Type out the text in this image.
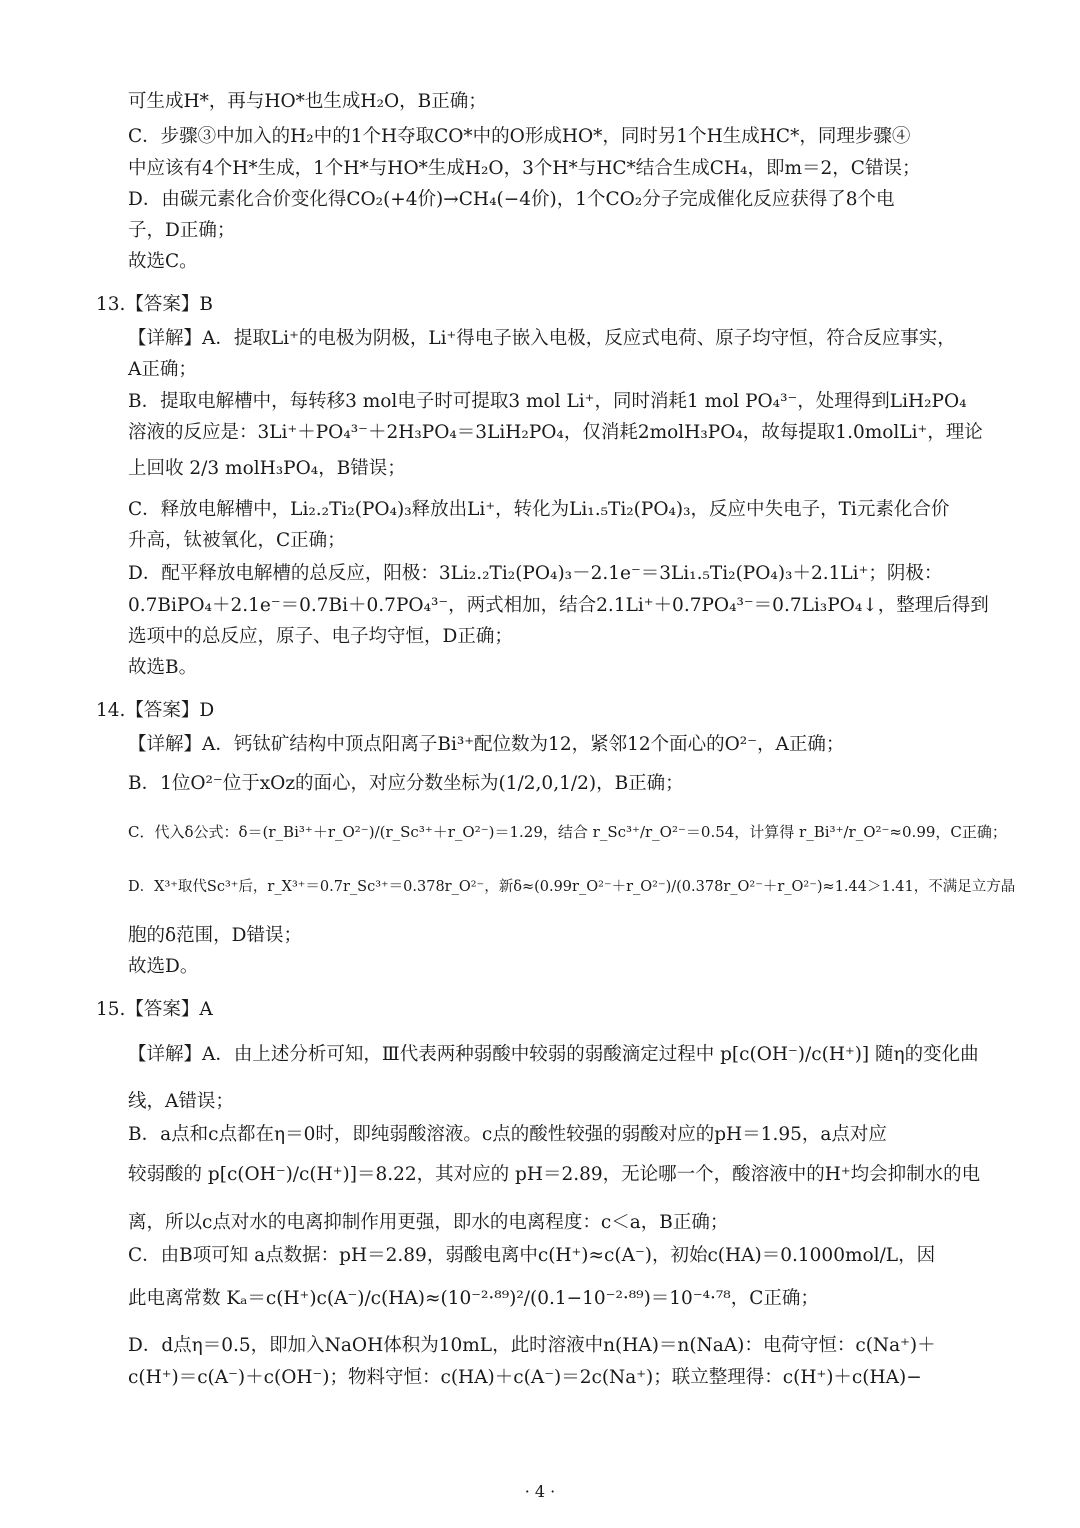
可生成H*，再与HO*也生成H₂O，B正确；
C．步骤③中加入的H₂中的1个H夺取CO*中的O形成HO*，同时另1个H生成HC*，同理步骤④
中应该有4个H*生成，1个H*与HO*生成H₂O，3个H*与HC*结合生成CH₄，即m＝2，C错误；
D．由碳元素化合价变化得CO₂(+4价)→CH₄(−4价)，1个CO₂分子完成催化反应获得了8个电
子，D正确；
故选C。
13.【答案】B
【详解】A．提取Li⁺的电极为阴极，Li⁺得电子嵌入电极，反应式电荷、原子均守恒，符合反应事实，
A正确；
B．提取电解槽中，每转移3 mol电子时可提取3 mol Li⁺，同时消耗1 mol PO₄³⁻，处理得到LiH₂PO₄
溶液的反应是：3Li⁺＋PO₄³⁻＋2H₃PO₄＝3LiH₂PO₄，仅消耗2molH₃PO₄，故每提取1.0molLi⁺，理论
上回收 2/3 molH₃PO₄，B错误；
C．释放电解槽中，Li₂.₂Ti₂(PO₄)₃释放出Li⁺，转化为Li₁.₅Ti₂(PO₄)₃，反应中失电子，Ti元素化合价
升高，钛被氧化，C正确；
D．配平释放电解槽的总反应，阳极：3Li₂.₂Ti₂(PO₄)₃－2.1e⁻＝3Li₁.₅Ti₂(PO₄)₃＋2.1Li⁺；阴极：
0.7BiPO₄＋2.1e⁻＝0.7Bi＋0.7PO₄³⁻，两式相加，结合2.1Li⁺＋0.7PO₄³⁻＝0.7Li₃PO₄↓，整理后得到
选项中的总反应，原子、电子均守恒，D正确；
故选B。
14.【答案】D
【详解】A．钙钛矿结构中顶点阳离子Bi³⁺配位数为12，紧邻12个面心的O²⁻，A正确；
B．1位O²⁻位于xOz的面心，对应分数坐标为(1/2,0,1/2)，B正确；
C．代入δ公式：δ＝(r_Bi³⁺＋r_O²⁻)/(r_Sc³⁺＋r_O²⁻)＝1.29，结合 r_Sc³⁺/r_O²⁻＝0.54，计算得 r_Bi³⁺/r_O²⁻≈0.99，C正确；
D．X³⁺取代Sc³⁺后，r_X³⁺＝0.7r_Sc³⁺＝0.378r_O²⁻，新δ≈(0.99r_O²⁻＋r_O²⁻)/(0.378r_O²⁻＋r_O²⁻)≈1.44＞1.41，不满足立方晶
胞的δ范围，D错误；
故选D。
15.【答案】A
【详解】A．由上述分析可知，Ⅲ代表两种弱酸中较弱的弱酸滴定过程中 p[c(OH⁻)/c(H⁺)] 随η的变化曲
线，A错误；
B．a点和c点都在η＝0时，即纯弱酸溶液。c点的酸性较强的弱酸对应的pH＝1.95，a点对应
较弱酸的 p[c(OH⁻)/c(H⁺)]＝8.22，其对应的 pH＝2.89，无论哪一个，酸溶液中的H⁺均会抑制水的电
离，所以c点对水的电离抑制作用更强，即水的电离程度：c＜a，B正确；
C．由B项可知 a点数据：pH＝2.89，弱酸电离中c(H⁺)≈c(A⁻)，初始c(HA)＝0.1000mol/L，因
此电离常数 Kₐ＝c(H⁺)c(A⁻)/c(HA)≈(10⁻²·⁸⁹)²/(0.1−10⁻²·⁸⁹)＝10⁻⁴·⁷⁸，C正确；
D．d点η＝0.5，即加入NaOH体积为10mL，此时溶液中n(HA)＝n(NaA)：电荷守恒：c(Na⁺)＋
c(H⁺)＝c(A⁻)＋c(OH⁻)；物料守恒：c(HA)＋c(A⁻)＝2c(Na⁺)；联立整理得：c(H⁺)＋c(HA)−
· 4 ·
